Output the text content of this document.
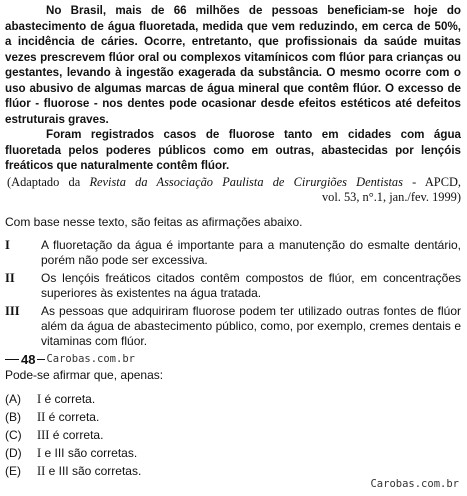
No Brasil, mais de 66 milhões de pessoas beneficiam-se hoje do abastecimento de água fluoretada, medida que vem reduzindo, em cerca de 50%, a incidência de cáries. Ocorre, entretanto, que profissionais da saúde muitas vezes prescrevem flúor oral ou complexos vitamínicos com flúor para crianças ou gestantes, levando à ingestão exagerada da substância. O mesmo ocorre com o uso abusivo de algumas marcas de água mineral que contêm flúor. O excesso de flúor - fluorose - nos dentes pode ocasionar desde efeitos estéticos até defeitos estruturais graves.

Foram registrados casos de fluorose tanto em cidades com água fluoretada pelos poderes públicos como em outras, abastecidas por lençóis freáticos que naturalmente contêm flúor.

(Adaptado da Revista da Associação Paulista de Cirurgiões Dentistas - APCD,
vol. 53, n°.1, jan./fev. 1999)
Com base nesse texto, são feitas as afirmações abaixo.
I	A fluoretação da água é importante para a manutenção do esmalte dentário, porém não pode ser excessiva.
II	Os lençóis freáticos citados contêm compostos de flúor, em concentrações superiores às existentes na água tratada.
III	As pessoas que adquiriram fluorose podem ter utilizado outras fontes de flúor além da água de abastecimento público, como, por exemplo, cremes dentais e vitaminas com flúor.
48 Carobas.com.br
Pode-se afirmar que, apenas:
(A)	I é correta.
(B)	II é correta.
(C)	III é correta.
(D)	I e III são corretas.
(E)	II e III são corretas.
Carobas.com.br
